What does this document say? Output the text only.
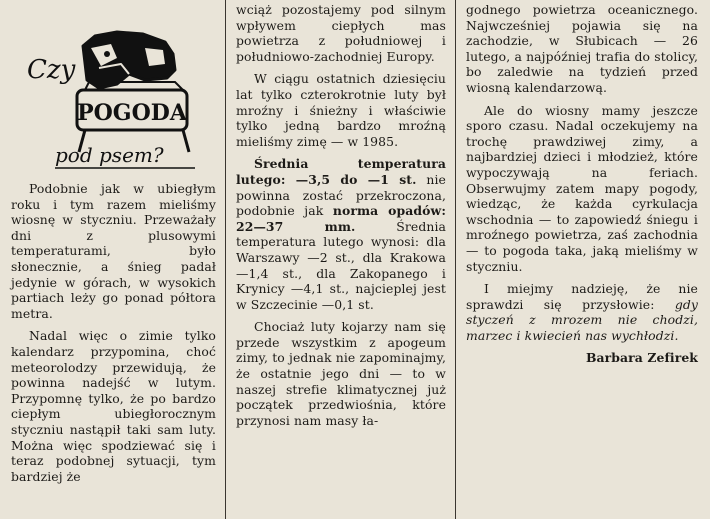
Czy
POGODA
pod psem?

Podobnie jak w ubiegłym roku i tym razem mieliśmy wiosnę w styczniu. Przeważały dni z plusowymi temperaturami, było słonecznie, a śnieg padał jedynie w górach, w wysokich partiach leży go ponad półtora metra.

Nadal więc o zimie tylko kalendarz przypomina, choć meteorolodzy przewidują, że powinna nadejść w lutym. Przypomnę tylko, że po bardzo ciepłym ubiegłorocznym styczniu nastąpił taki sam luty. Można więc spodziewać się i teraz podobnej sytuacji, tym bardziej że

wciąż pozostajemy pod silnym wpływem ciepłych mas powietrza z południowej i południowo-zachodniej Europy.

W ciągu ostatnich dziesięciu lat tylko czterokrotnie luty był mroźny i śnieżny i właściwie tylko jedną bardzo mroźną mieliśmy zimę — w 1985.

Średnia temperatura lutego: —3,5 do —1 st. nie powinna zostać przekroczona, podobnie jak norma opadów: 22—37 mm. Średnia temperatura lutego wynosi: dla Warszawy —2 st., dla Krakowa —1,4 st., dla Zakopanego i Krynicy —4,1 st., najcieplej jest w Szczecinie —0,1 st.

Chociaż luty kojarzy nam się przede wszystkim z apogeum zimy, to jednak nie zapominajmy, że ostatnie jego dni — to w naszej strefie klimatycznej już początek przedwiośnia, które przynosi nam masy ła-

godnego powietrza oceanicznego. Najwcześniej pojawia się na zachodzie, w Słubicach — 26 lutego, a najpóźniej trafia do stolicy, bo zaledwie na tydzień przed wiosną kalendarzową.

Ale do wiosny mamy jeszcze sporo czasu. Nadal oczekujemy na trochę prawdziwej zimy, a najbardziej dzieci i młodzież, które wypoczywają na feriach. Obserwujmy zatem mapy pogody, wiedząc, że każda cyrkulacja wschodnia — to zapowiedź śniegu i mroźnego powietrza, zaś zachodnia — to pogoda taka, jaką mieliśmy w styczniu.

I miejmy nadzieję, że nie sprawdzi się przysłowie: gdy styczeń z mrozem nie chodzi, marzec i kwiecień nas wychłodzi.

Barbara Zefirek
